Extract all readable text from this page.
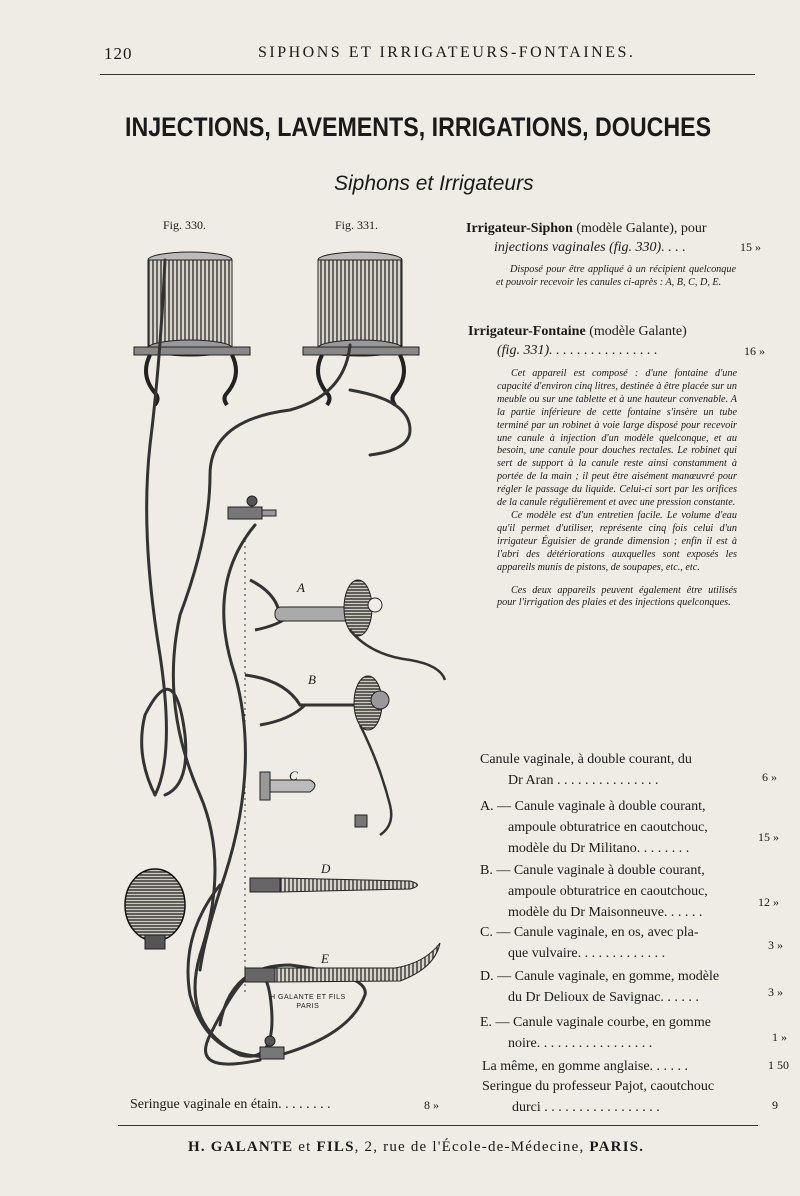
120	SIPHONS ET IRRIGATEURS-FONTAINES.
INJECTIONS, LAVEMENTS, IRRIGATIONS, DOUCHES
Siphons et Irrigateurs
Fig. 330.	Fig. 331.
A
B
C
D
E
H GALANTE ET FILS
PARIS
Irrigateur-Siphon (modèle Galante), pour
injections vaginales (fig. 330). . . .	15 »

Disposé pour être appliqué à un récipient quelconque et pouvoir recevoir les canules ci-après : A, B, C, D, E.

Irrigateur-Fontaine (modèle Galante)
(fig. 331). . . . . . . . . . . . . . . .	16 »

Cet appareil est composé : d'une fontaine d'une capacité d'environ cinq litres, destinée à être placée sur un meuble ou sur une tablette et à une hauteur convenable. A la partie inférieure de cette fontaine s'insère un tube terminé par un robinet à voie large disposé pour recevoir une canule à injection d'un modèle quelconque, et au besoin, une canule pour douches rectales. Le robinet qui sert de support à la canule reste ainsi constamment à portée de la main ; il peut être aisément manœuvré pour régler le passage du liquide. Celui-ci sort par les orifices de la canule régulièrement et avec une pression constante.

Ce modèle est d'un entretien facile. Le volume d'eau qu'il permet d'utiliser, représente cinq fois celui d'un irrigateur Éguisier de grande dimension ; enfin il est à l'abri des détériorations auxquelles sont exposés les appareils munis de pistons, de soupapes, etc., etc.

Ces deux appareils peuvent également être utilisés pour l'irrigation des plaies et des injections quelconques.

Canule vaginale, à double courant, du
Dr Aran . . . . . . . . . . . . . . .	6 »
A. — Canule vaginale à double courant,
ampoule obturatrice en caoutchouc,
modèle du Dr Militano. . . . . . . .
15 »
B. — Canule vaginale à double courant,
ampoule obturatrice en caoutchouc,
modèle du Dr Maisonneuve. . . . . .
12 »
C. — Canule vaginale, en os, avec pla-
que vulvaire. . . . . . . . . . . . .
3 »
D. — Canule vaginale, en gomme, modèle
du Dr Delioux de Savignac. . . . . .	3 »
E. — Canule vaginale courbe, en gomme
noire. . . . . . . . . . . . . . . . .	1 »
La même, en gomme anglaise. . . . . .	1 50
Seringue du professeur Pajot, caoutchouc
durci . . . . . . . . . . . . . . . . .	9
Seringue vaginale en étain. . . . . . . .	8 »
H. GALANTE et FILS, 2, rue de l'École-de-Médecine, PARIS.
